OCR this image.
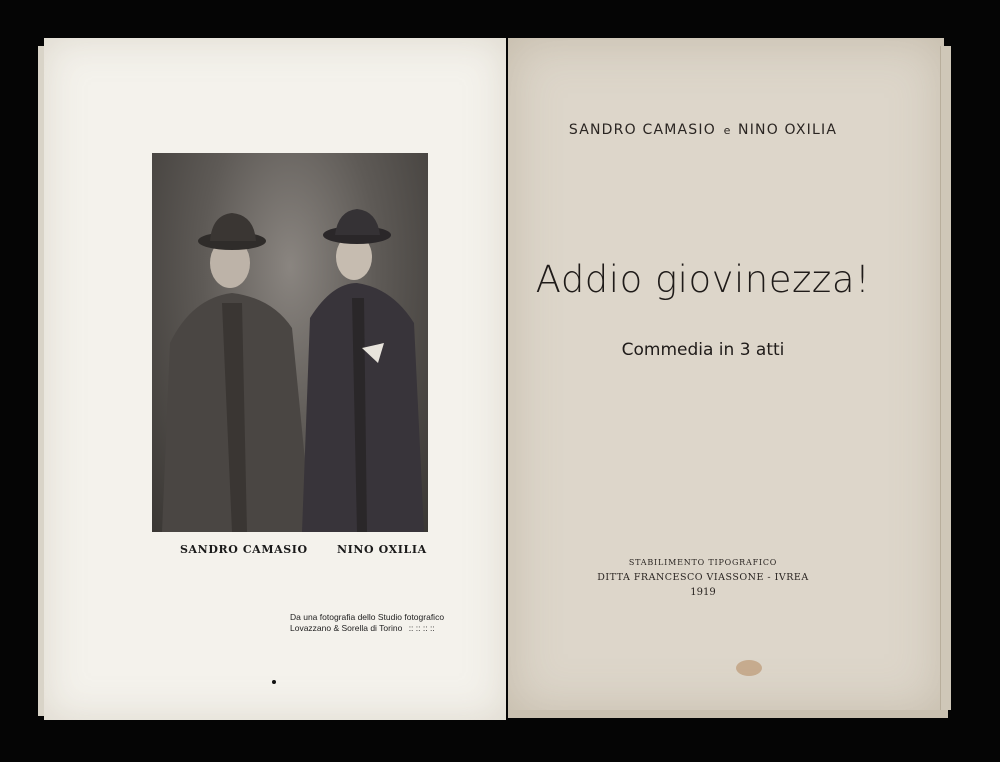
SANDRO CAMASIO	NINO OXILIA
Da una fotografia dello Studio fotografico
Lovazzano & Sorella di Torino :: :: :: ::
SANDRO CAMASIO e NINO OXILIA
Addio giovinezza!
Commedia in 3 atti
STABILIMENTO TIPOGRAFICO
DITTA FRANCESCO VIASSONE - IVREA
1919
